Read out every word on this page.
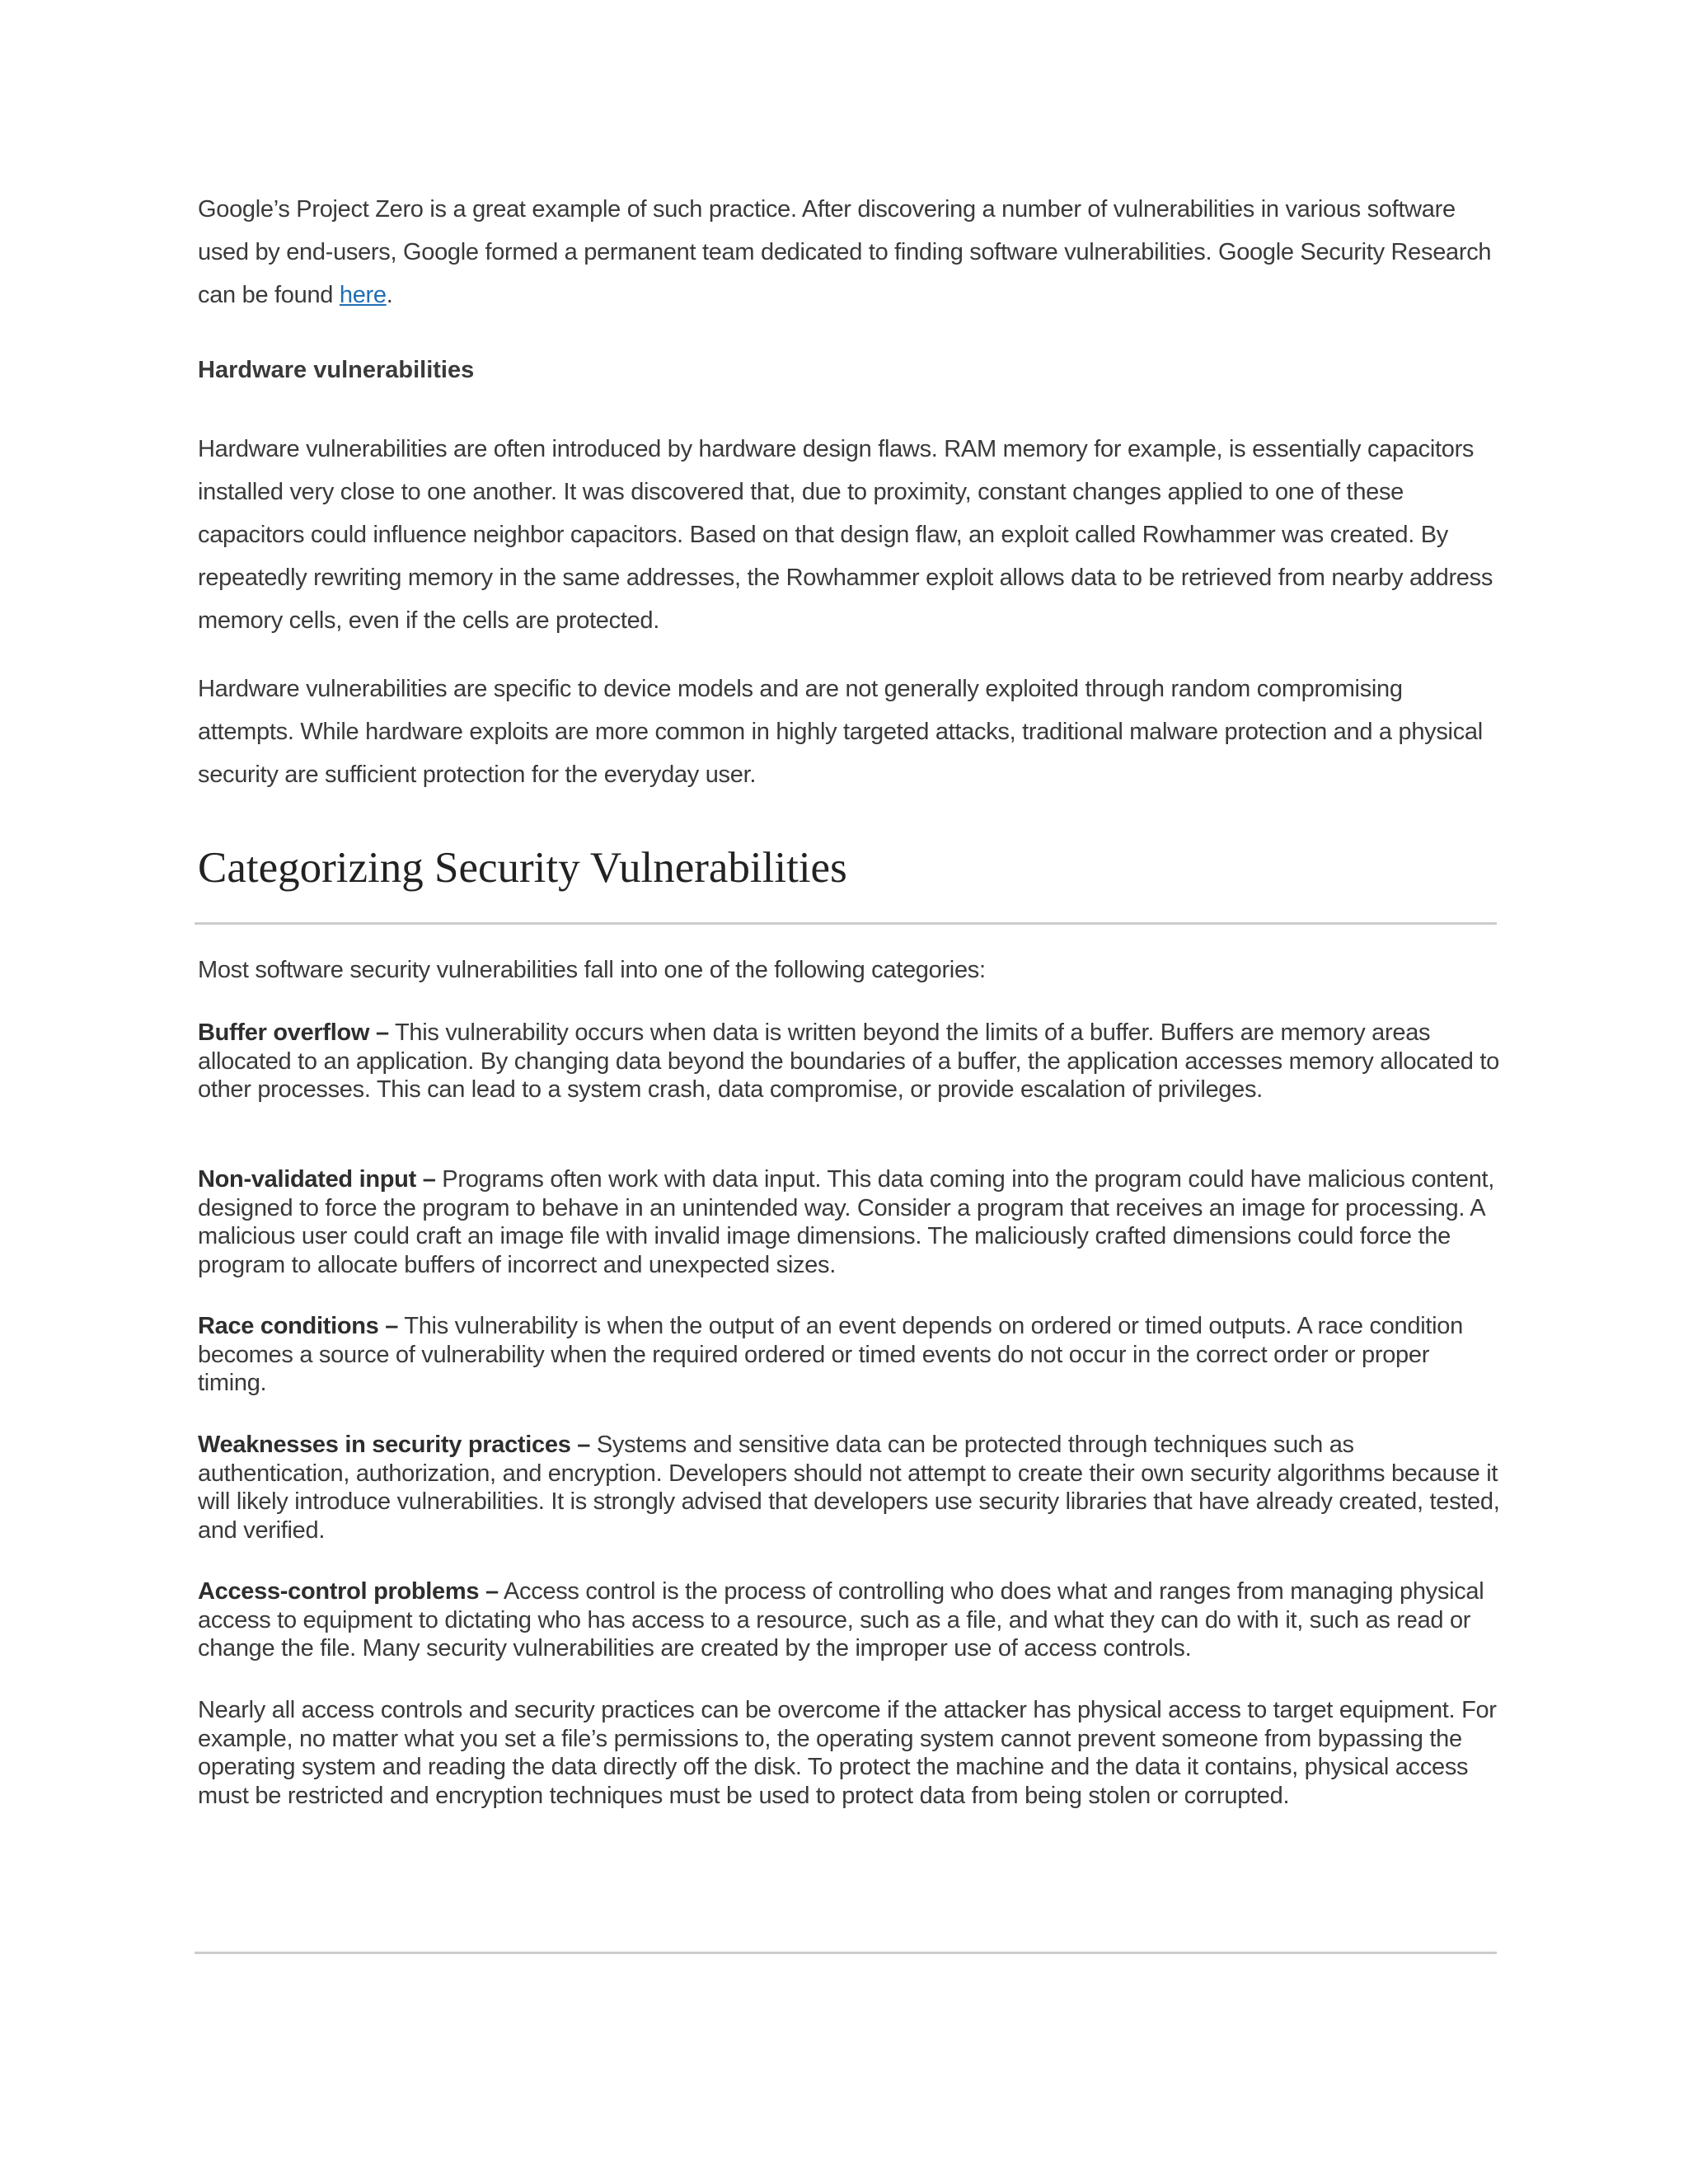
Google’s Project Zero is a great example of such practice. After discovering a number of vulnerabilities in various software used by end-users, Google formed a permanent team dedicated to finding software vulnerabilities. Google Security Research can be found here.

Hardware vulnerabilities

Hardware vulnerabilities are often introduced by hardware design flaws. RAM memory for example, is essentially capacitors installed very close to one another. It was discovered that, due to proximity, constant changes applied to one of these capacitors could influence neighbor capacitors. Based on that design flaw, an exploit called Rowhammer was created. By repeatedly rewriting memory in the same addresses, the Rowhammer exploit allows data to be retrieved from nearby address memory cells, even if the cells are protected.

Hardware vulnerabilities are specific to device models and are not generally exploited through random compromising attempts. While hardware exploits are more common in highly targeted attacks, traditional malware protection and a physical security are sufficient protection for the everyday user.

Categorizing Security Vulnerabilities

Most software security vulnerabilities fall into one of the following categories:

Buffer overflow – This vulnerability occurs when data is written beyond the limits of a buffer. Buffers are memory areas allocated to an application. By changing data beyond the boundaries of a buffer, the application accesses memory allocated to other processes. This can lead to a system crash, data compromise, or provide escalation of privileges.

Non-validated input – Programs often work with data input. This data coming into the program could have malicious content, designed to force the program to behave in an unintended way. Consider a program that receives an image for processing. A malicious user could craft an image file with invalid image dimensions. The maliciously crafted dimensions could force the program to allocate buffers of incorrect and unexpected sizes.

Race conditions – This vulnerability is when the output of an event depends on ordered or timed outputs. A race condition becomes a source of vulnerability when the required ordered or timed events do not occur in the correct order or proper timing.

Weaknesses in security practices – Systems and sensitive data can be protected through techniques such as authentication, authorization, and encryption. Developers should not attempt to create their own security algorithms because it will likely introduce vulnerabilities. It is strongly advised that developers use security libraries that have already created, tested, and verified.

Access-control problems – Access control is the process of controlling who does what and ranges from managing physical access to equipment to dictating who has access to a resource, such as a file, and what they can do with it, such as read or change the file. Many security vulnerabilities are created by the improper use of access controls.

Nearly all access controls and security practices can be overcome if the attacker has physical access to target equipment. For example, no matter what you set a file’s permissions to, the operating system cannot prevent someone from bypassing the operating system and reading the data directly off the disk. To protect the machine and the data it contains, physical access must be restricted and encryption techniques must be used to protect data from being stolen or corrupted.
